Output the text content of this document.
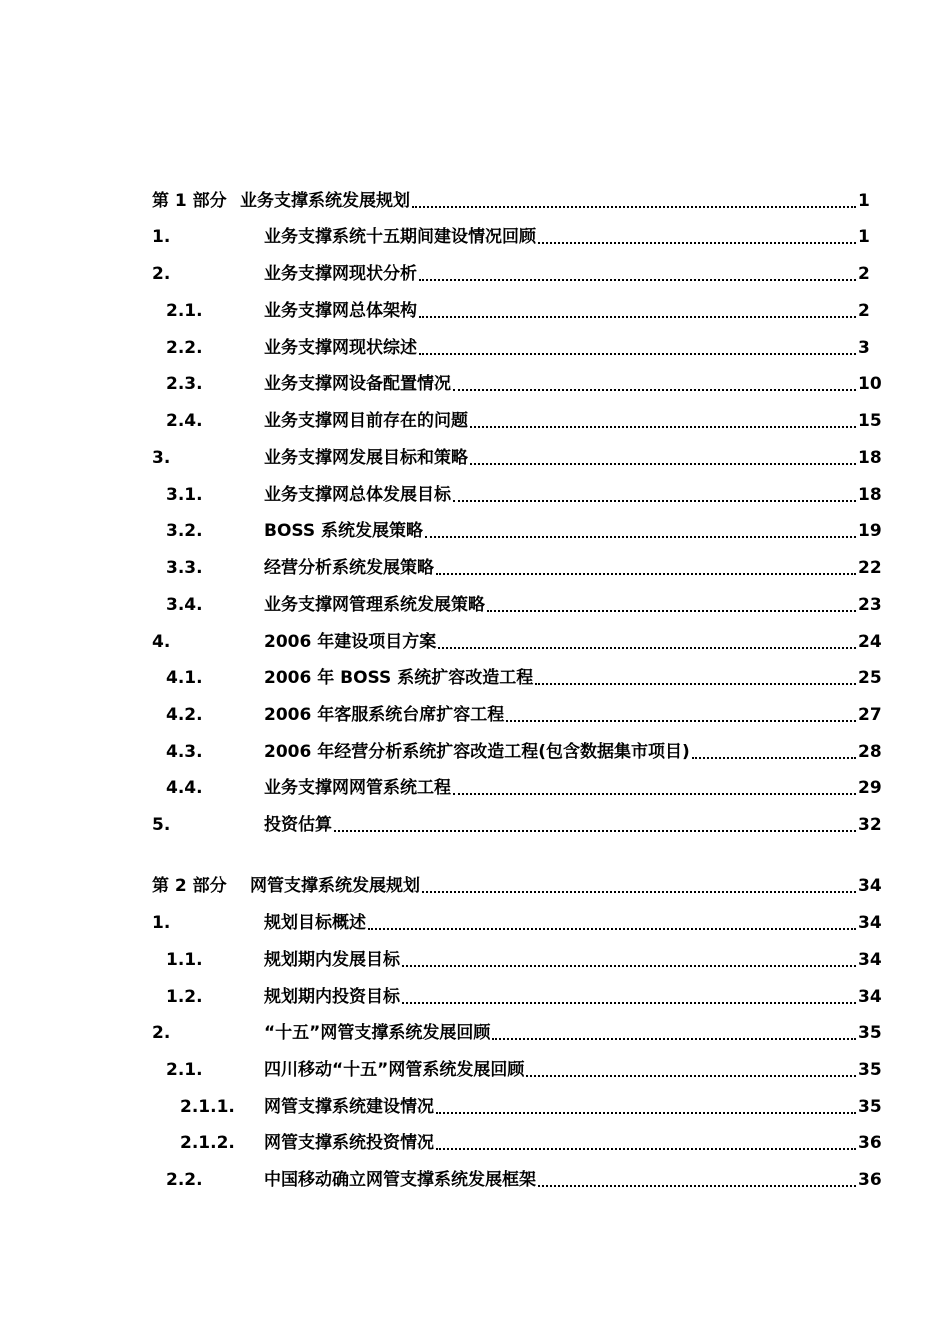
第 1 部分 业务支撑系统发展规划	1
1.	业务支撑系统十五期间建设情况回顾	1
2.	业务支撑网现状分析	2
2.1.	业务支撑网总体架构	2
2.2.	业务支撑网现状综述	3
2.3.	业务支撑网设备配置情况	10
2.4.	业务支撑网目前存在的问题	15
3.	业务支撑网发展目标和策略	18
3.1.	业务支撑网总体发展目标	18
3.2.	BOSS 系统发展策略	19
3.3.	经营分析系统发展策略	22
3.4.	业务支撑网管理系统发展策略	23
4.	2006 年建设项目方案	24
4.1.	2006 年 BOSS 系统扩容改造工程	25
4.2.	2006 年客服系统台席扩容工程	27
4.3.	2006 年经营分析系统扩容改造工程(包含数据集市项目)	28
4.4.	业务支撑网网管系统工程	29
5.	投资估算	32
第 2 部分 网管支撑系统发展规划	34
1.	规划目标概述	34
1.1.	规划期内发展目标	34
1.2.	规划期内投资目标	34
2.	“十五”网管支撑系统发展回顾	35
2.1.	四川移动“十五”网管系统发展回顾	35
2.1.1. 网管支撑系统建设情况	35
2.1.2. 网管支撑系统投资情况	36
2.2.	中国移动确立网管支撑系统发展框架	36
